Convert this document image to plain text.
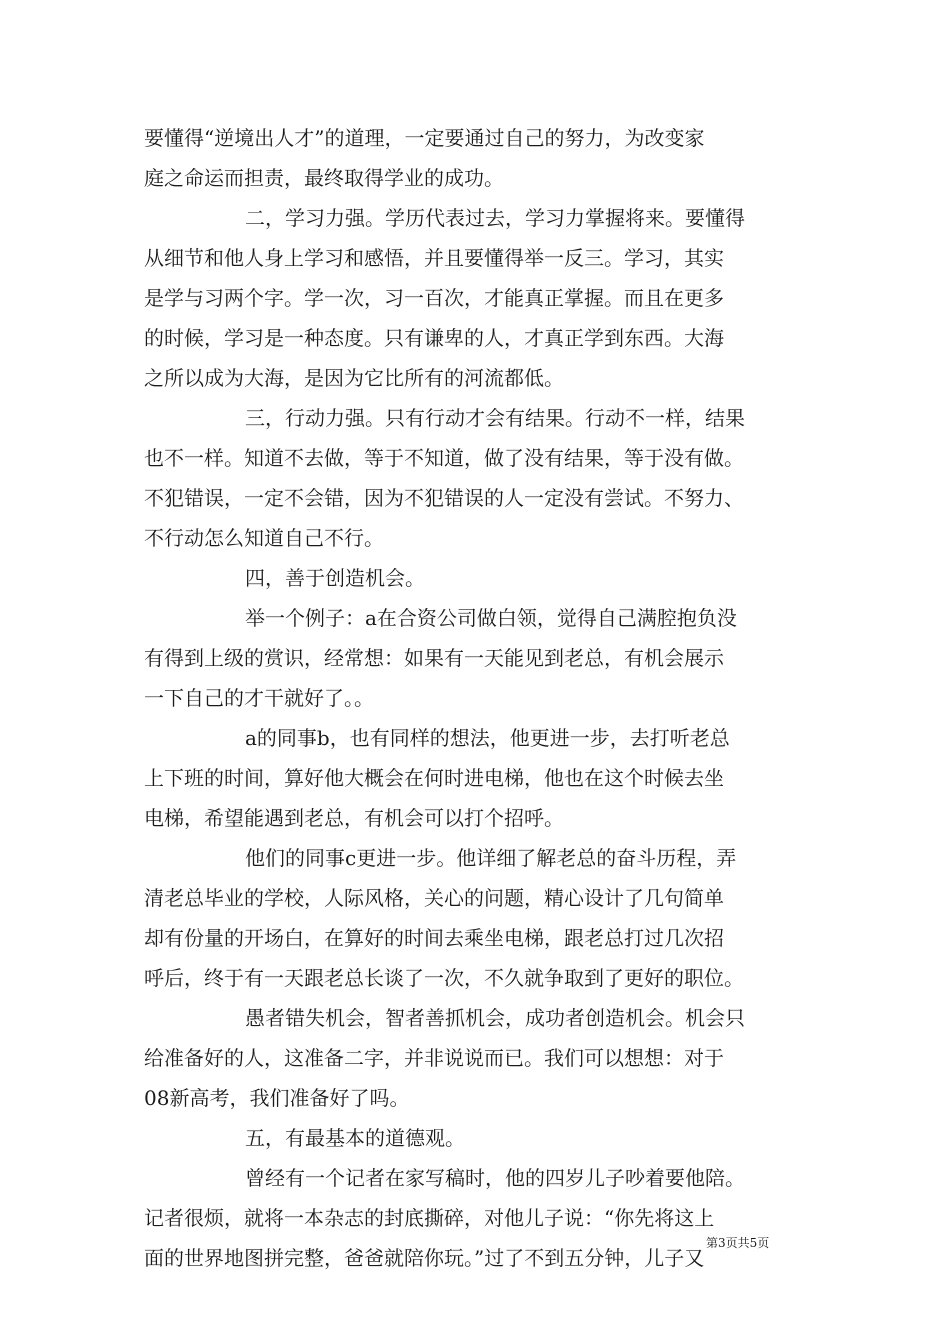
要懂得“逆境出人才”的道理，一定要通过自己的努力，为改变家
庭之命运而担责，最终取得学业的成功。
二，学习力强。学历代表过去，学习力掌握将来。要懂得
从细节和他人身上学习和感悟，并且要懂得举一反三。学习，其实
是学与习两个字。学一次，习一百次，才能真正掌握。而且在更多
的时候，学习是一种态度。只有谦卑的人，才真正学到东西。大海
之所以成为大海，是因为它比所有的河流都低。
三，行动力强。只有行动才会有结果。行动不一样，结果
也不一样。知道不去做，等于不知道，做了没有结果，等于没有做。
不犯错误，一定不会错，因为不犯错误的人一定没有尝试。不努力、
不行动怎么知道自己不行。
四，善于创造机会。
举一个例子：a在合资公司做白领，觉得自己满腔抱负没
有得到上级的赏识，经常想：如果有一天能见到老总，有机会展示
一下自己的才干就好了。。
a的同事b，也有同样的想法，他更进一步，去打听老总
上下班的时间，算好他大概会在何时进电梯，他也在这个时候去坐
电梯，希望能遇到老总，有机会可以打个招呼。
他们的同事c更进一步。他详细了解老总的奋斗历程，弄
清老总毕业的学校，人际风格，关心的问题，精心设计了几句简单
却有份量的开场白，在算好的时间去乘坐电梯，跟老总打过几次招
呼后，终于有一天跟老总长谈了一次，不久就争取到了更好的职位。
愚者错失机会，智者善抓机会，成功者创造机会。机会只
给准备好的人，这准备二字，并非说说而已。我们可以想想：对于
08新高考，我们准备好了吗。
五，有最基本的道德观。
曾经有一个记者在家写稿时，他的四岁儿子吵着要他陪。
记者很烦，就将一本杂志的封底撕碎，对他儿子说：“你先将这上
面的世界地图拼完整，爸爸就陪你玩。”过了不到五分钟，儿子又
第3页共5页
